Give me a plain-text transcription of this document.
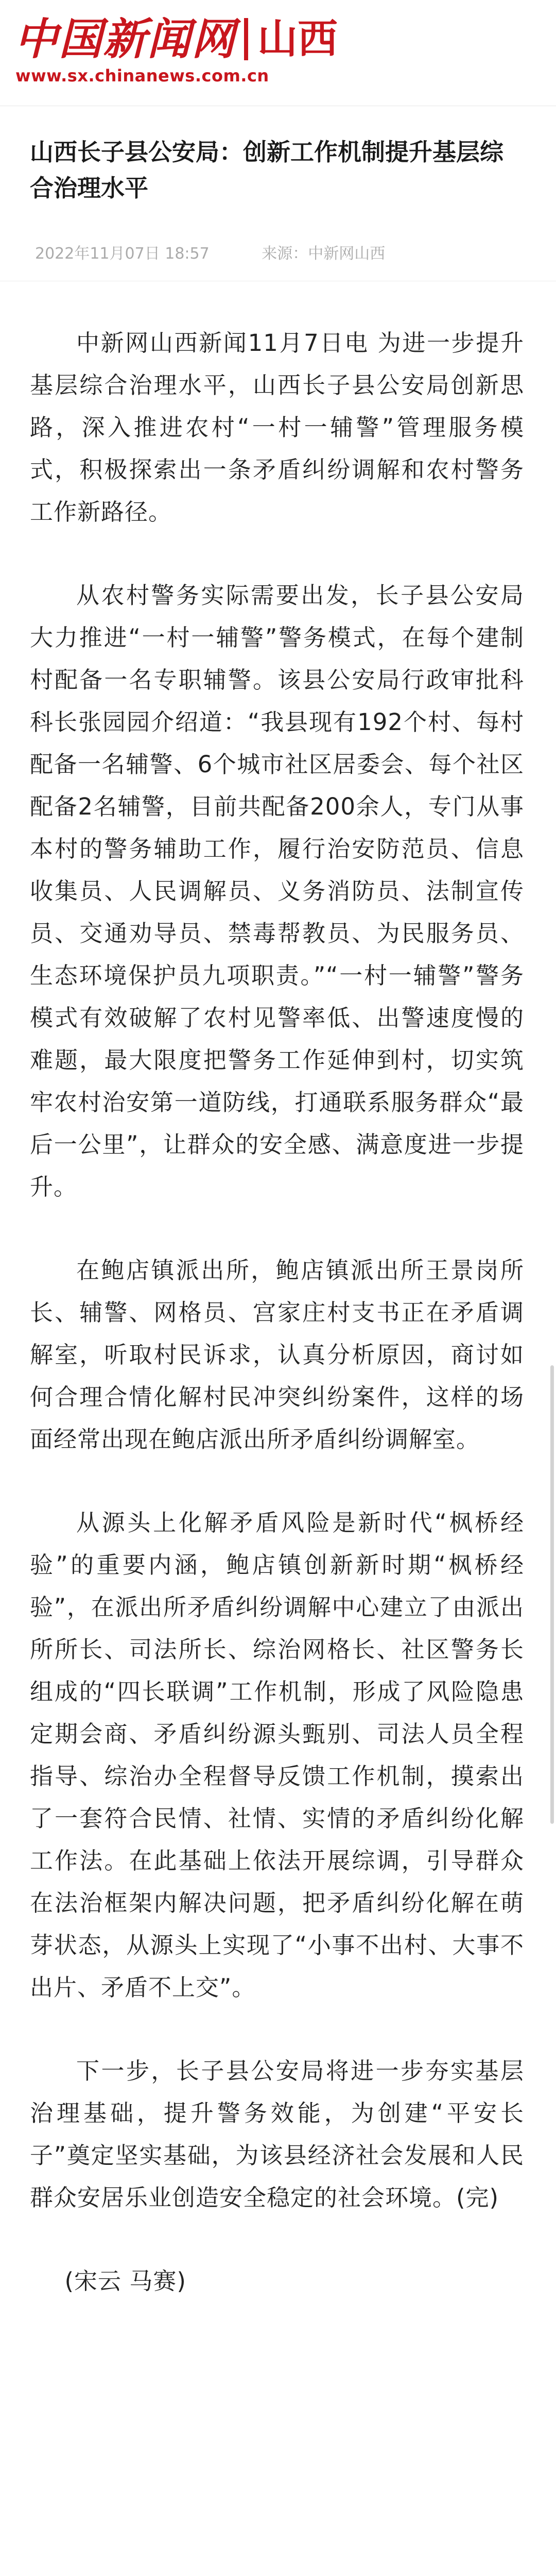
中国新闻网 山西
www.sx.chinanews.com.cn
山西长子县公安局：创新工作机制提升基层综合治理水平
2022年11月07日 18:57	来源：中新网山西

中新网山西新闻11月7日电 为进一步提升基层综合治理水平，山西长子县公安局创新思路，深入推进农村“一村一辅警”管理服务模式，积极探索出一条矛盾纠纷调解和农村警务工作新路径。

从农村警务实际需要出发，长子县公安局大力推进“一村一辅警”警务模式，在每个建制村配备一名专职辅警。该县公安局行政审批科科长张园园介绍道：“我县现有192个村、每村配备一名辅警、6个城市社区居委会、每个社区配备2名辅警，目前共配备200余人，专门从事本村的警务辅助工作，履行治安防范员、信息收集员、人民调解员、义务消防员、法制宣传员、交通劝导员、禁毒帮教员、为民服务员、生态环境保护员九项职责。”“一村一辅警”警务模式有效破解了农村见警率低、出警速度慢的难题，最大限度把警务工作延伸到村，切实筑牢农村治安第一道防线，打通联系服务群众“最后一公里”，让群众的安全感、满意度进一步提升。

在鲍店镇派出所，鲍店镇派出所王景岗所长、辅警、网格员、宫家庄村支书正在矛盾调解室，听取村民诉求，认真分析原因，商讨如何合理合情化解村民冲突纠纷案件，这样的场面经常出现在鲍店派出所矛盾纠纷调解室。

从源头上化解矛盾风险是新时代“枫桥经验”的重要内涵，鲍店镇创新新时期“枫桥经验”，在派出所矛盾纠纷调解中心建立了由派出所所长、司法所长、综治网格长、社区警务长组成的“四长联调”工作机制，形成了风险隐患定期会商、矛盾纠纷源头甄别、司法人员全程指导、综治办全程督导反馈工作机制，摸索出了一套符合民情、社情、实情的矛盾纠纷化解工作法。在此基础上依法开展综调，引导群众在法治框架内解决问题，把矛盾纠纷化解在萌芽状态，从源头上实现了“小事不出村、大事不出片、矛盾不上交”。

下一步，长子县公安局将进一步夯实基层治理基础，提升警务效能，为创建“平安长子”奠定坚实基础，为该县经济社会发展和人民群众安居乐业创造安全稳定的社会环境。(完)

(宋云 马赛)
